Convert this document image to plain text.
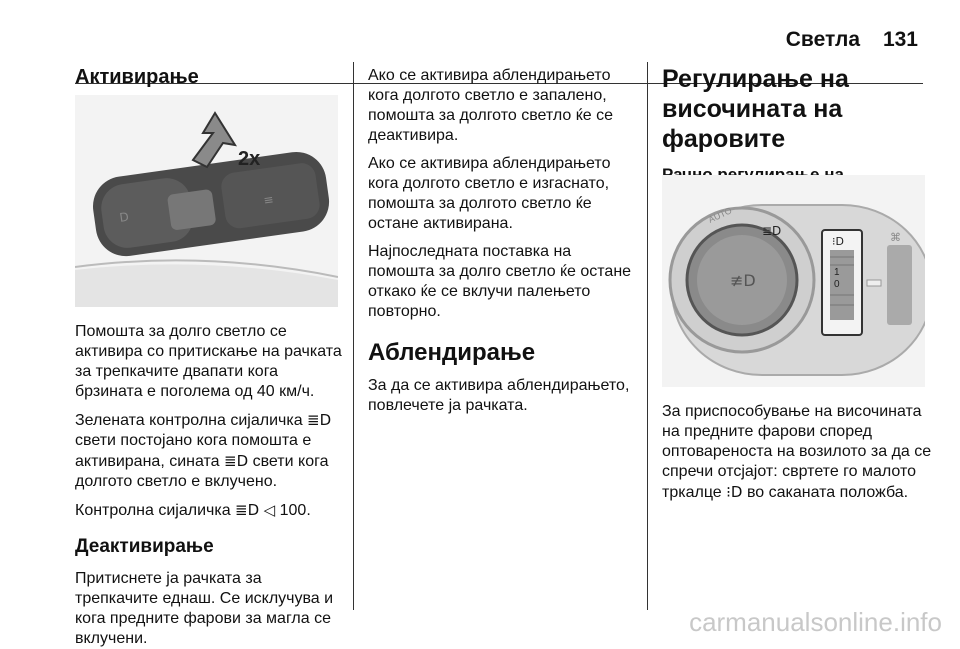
Светла 131
Активирање
D
≡
2x

Помошта за долго светло се активира со притискање на рачката за трепкачите двапати кога брзината е поголема од 40 км/ч.

Зелената контролна сијаличка ≣D свети постојано кога помошта е активирана, сината ≣D свети кога долгото светло е вклучено.

Контролна сијаличка ≣D ◁ 100.

Деактивирање

Притиснете ја рачката за трепкачите еднаш. Се исклучува и кога предните фарови за магла се вклучени.

Ако се активира аблендирањето кога долгото светло е запалено, помошта за долгото светло ќе се деактивира.

Ако се активира аблендирањето кога долгото светло е изгаснато, помошта за долгото светло ќе остане активирана.

Најпоследната поставка на помошта за долго светло ќе остане откако ќе се вклучи палењето повторно.

Аблендирање

За да се активира аблендирањето, повлечете ја рачката.

Регулирање на височината на фаровите
≢D
AUTO
≣D
⁝D
1
0
⌘

За приспособување на височината на предните фарови според оптовареноста на возилото за да се спречи отсјајот: свртете го малото тркалце ⁝D во саканата положба.

carmanualsonline.info
